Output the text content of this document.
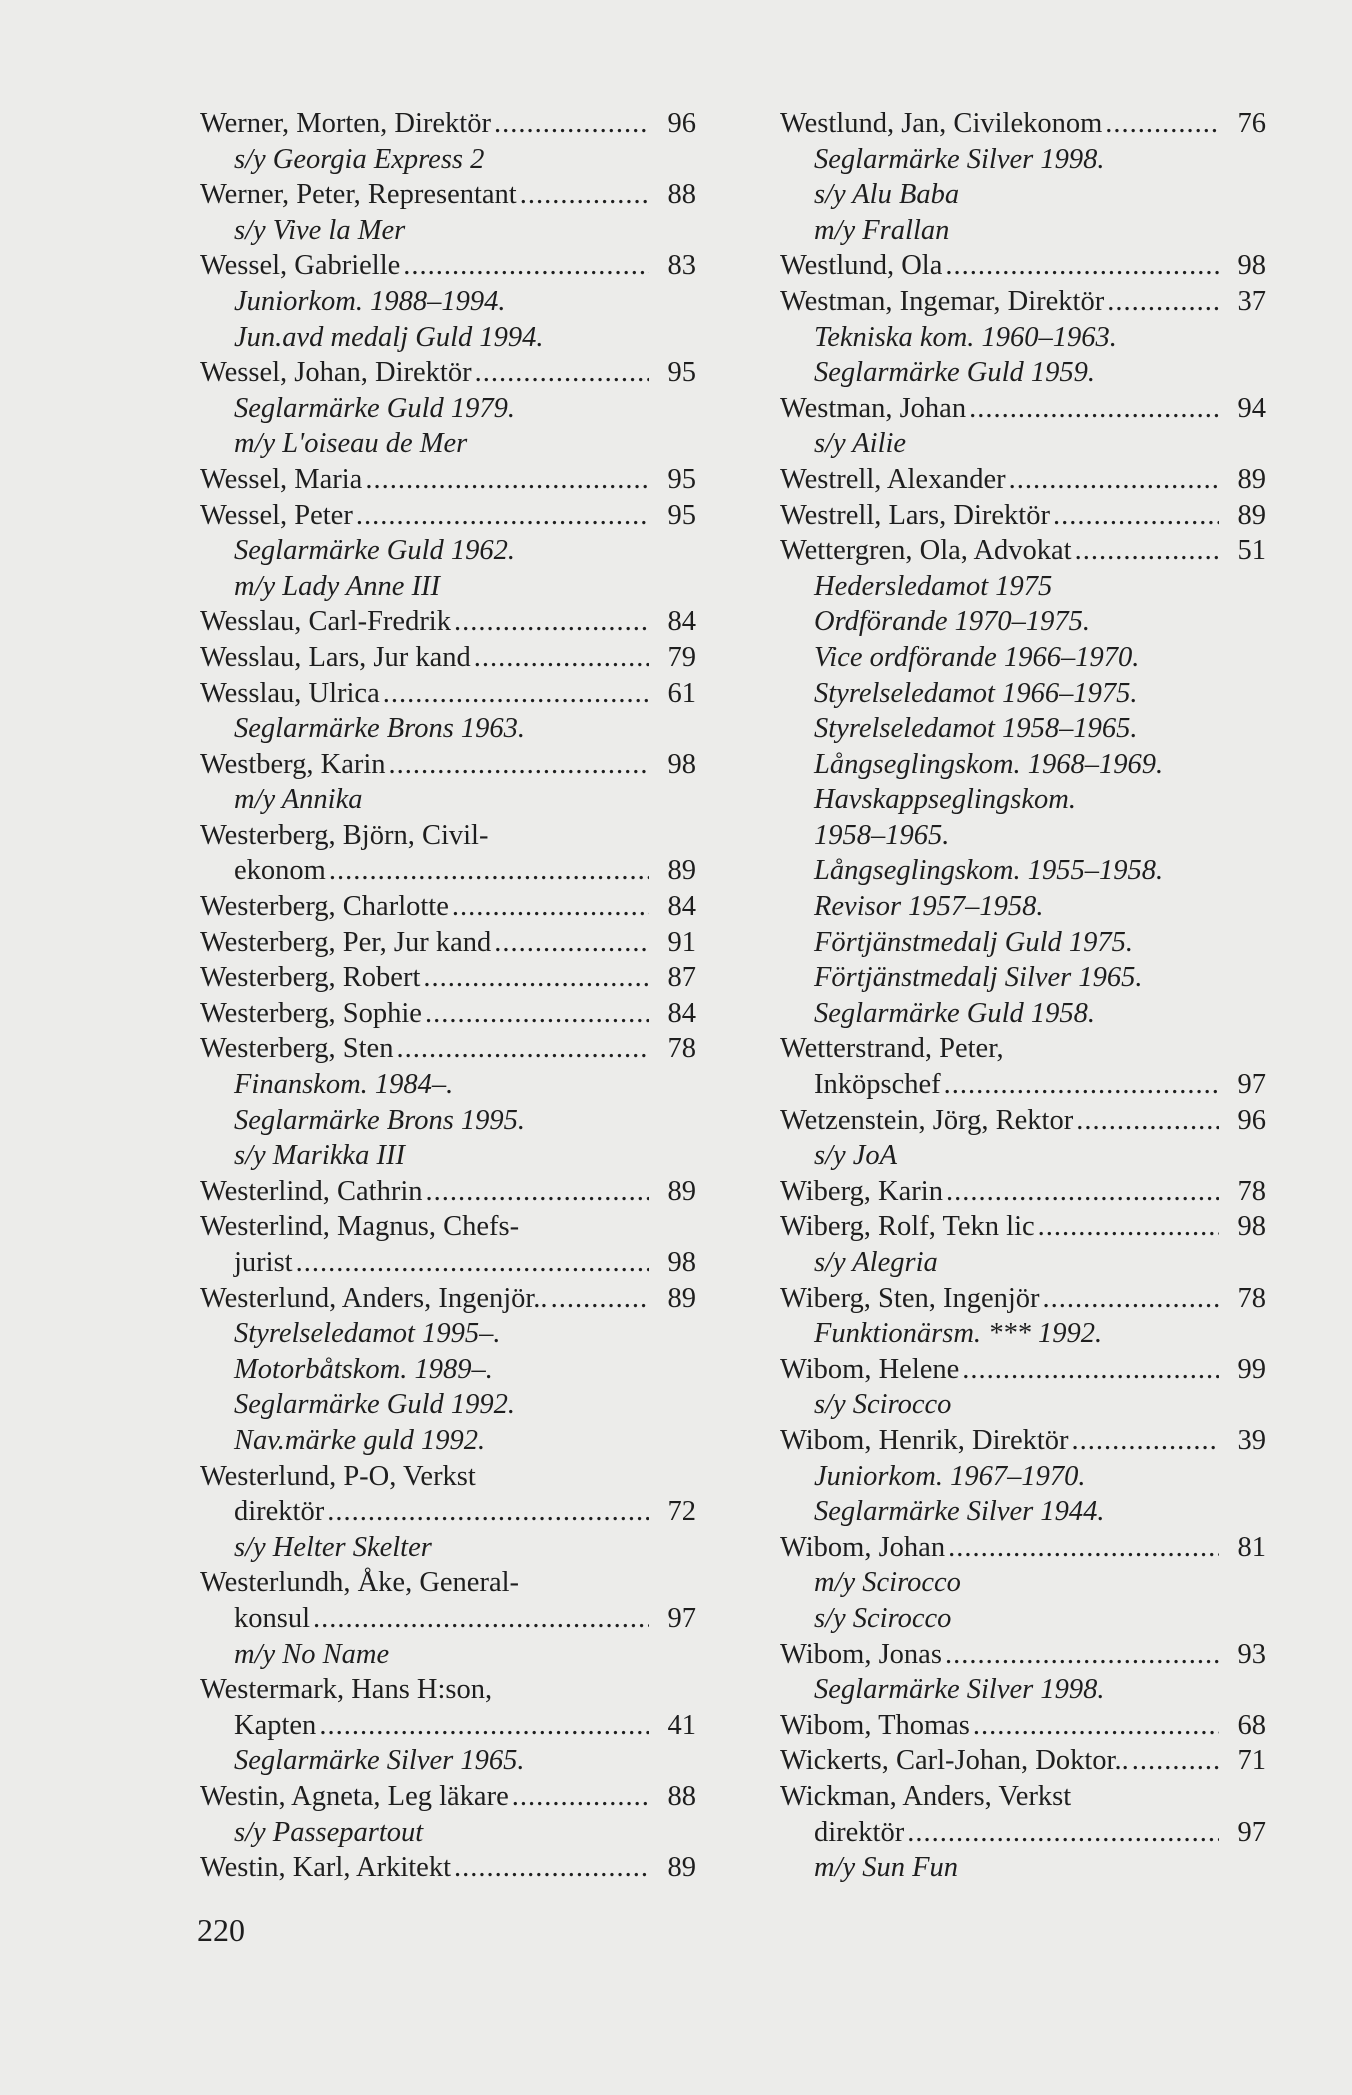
Werner, Morten, Direktör .....	96
s/y Georgia Express 2
Werner, Peter, Representant .....	88
s/y Vive la Mer
Wessel, Gabrielle .....	83
Juniorkom. 1988–1994.
Jun.avd medalj Guld 1994.
Wessel, Johan, Direktör .....	95
Seglarmärke Guld 1979.
m/y L'oiseau de Mer
Wessel, Maria .....	95
Wessel, Peter .....	95
Seglarmärke Guld 1962.
m/y Lady Anne III
Wesslau, Carl-Fredrik .....	84
Wesslau, Lars, Jur kand .....	79
Wesslau, Ulrica .....	61
Seglarmärke Brons 1963.
Westberg, Karin .....	98
m/y Annika
Westerberg, Björn, Civil-
ekonom .....	89
Westerberg, Charlotte .....	84
Westerberg, Per, Jur kand .....	91
Westerberg, Robert .....	87
Westerberg, Sophie .....	84
Westerberg, Sten .....	78
Finanskom. 1984–.
Seglarmärke Brons 1995.
s/y Marikka III
Westerlind, Cathrin .....	89
Westerlind, Magnus, Chefs-
jurist .....	98
Westerlund, Anders, Ingenjör.. .....	89
Styrelseledamot 1995–.
Motorbåtskom. 1989–.
Seglarmärke Guld 1992.
Nav.märke guld 1992.
Westerlund, P-O, Verkst
direktör .....	72
s/y Helter Skelter
Westerlundh, Åke, General-
konsul .....	97
m/y No Name
Westermark, Hans H:son,
Kapten .....	41
Seglarmärke Silver 1965.
Westin, Agneta, Leg läkare .....	88
s/y Passepartout
Westin, Karl, Arkitekt .....	89
Westlund, Jan, Civilekonom .....	76
Seglarmärke Silver 1998.
s/y Alu Baba
m/y Frallan
Westlund, Ola .....	98
Westman, Ingemar, Direktör .....	37
Tekniska kom. 1960–1963.
Seglarmärke Guld 1959.
Westman, Johan .....	94
s/y Ailie
Westrell, Alexander .....	89
Westrell, Lars, Direktör .....	89
Wettergren, Ola, Advokat .....	51
Hedersledamot 1975
Ordförande 1970–1975.
Vice ordförande 1966–1970.
Styrelseledamot 1966–1975.
Styrelseledamot 1958–1965.
Långseglingskom. 1968–1969.
Havskappseglingskom.
1958–1965.
Långseglingskom. 1955–1958.
Revisor 1957–1958.
Förtjänstmedalj Guld 1975.
Förtjänstmedalj Silver 1965.
Seglarmärke Guld 1958.
Wetterstrand, Peter,
Inköpschef .....	97
Wetzenstein, Jörg, Rektor .....	96
s/y JoA
Wiberg, Karin .....	78
Wiberg, Rolf, Tekn lic .....	98
s/y Alegria
Wiberg, Sten, Ingenjör .....	78
Funktionärsm. *** 1992.
Wibom, Helene .....	99
s/y Scirocco
Wibom, Henrik, Direktör .....	39
Juniorkom. 1967–1970.
Seglarmärke Silver 1944.
Wibom, Johan .....	81
m/y Scirocco
s/y Scirocco
Wibom, Jonas .....	93
Seglarmärke Silver 1998.
Wibom, Thomas .....	68
Wickerts, Carl-Johan, Doktor.. .....	71
Wickman, Anders, Verkst
direktör .....	97
m/y Sun Fun
220
